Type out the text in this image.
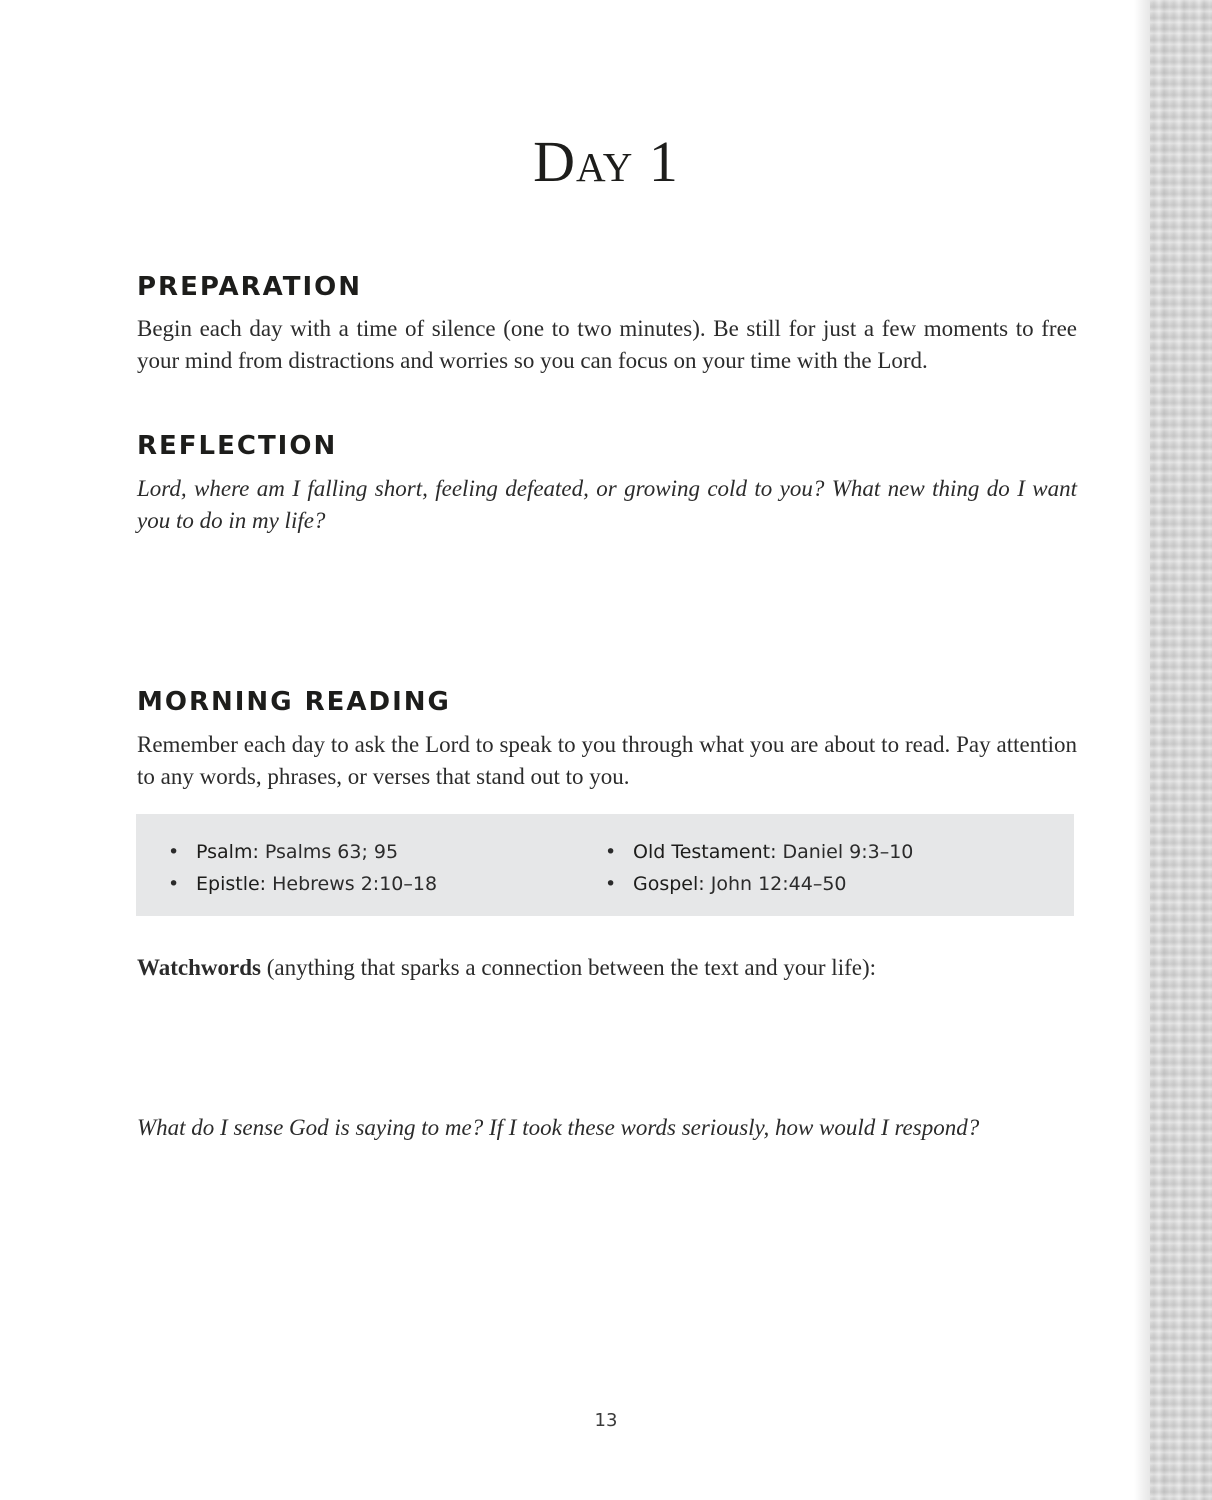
Day 1
PREPARATION
Begin each day with a time of silence (one to two minutes). Be still for just a few moments to free your mind from distractions and worries so you can focus on your time with the Lord.
REFLECTION
Lord, where am I falling short, feeling defeated, or growing cold to you? What new thing do I want you to do in my life?
MORNING READING
Remember each day to ask the Lord to speak to you through what you are about to read. Pay attention to any words, phrases, or verses that stand out to you.
• Psalm: Psalms 63; 95
• Epistle: Hebrews 2:10–18
• Old Testament: Daniel 9:3–10
• Gospel: John 12:44–50
Watchwords (anything that sparks a connection between the text and your life):
What do I sense God is saying to me? If I took these words seriously, how would I respond?
13
